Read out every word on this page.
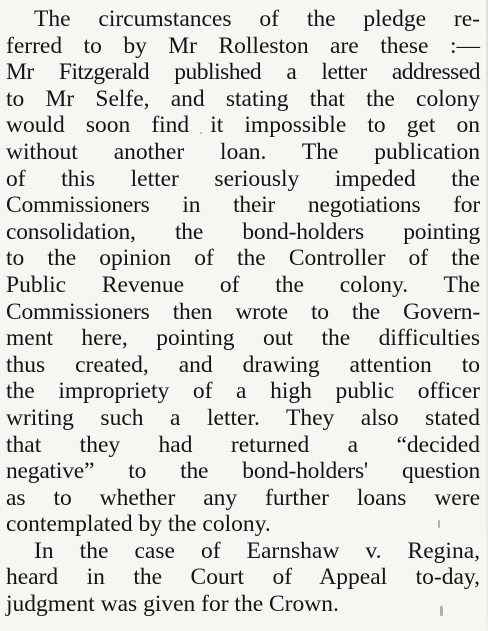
The circumstances of the pledge re-
ferred to by Mr Rolleston are these :—
Mr Fitzgerald published a letter addressed
to Mr Selfe, and stating that the colony
would soon find it impossible to get on
without another loan. The publication
of this letter seriously impeded the
Commissioners in their negotiations for
consolidation, the bond-holders pointing
to the opinion of the Controller of the
Public Revenue of the colony. The
Commissioners then wrote to the Govern-
ment here, pointing out the difficulties
thus created, and drawing attention to
the impropriety of a high public officer
writing such a letter. They also stated
that they had returned a “decided
negative” to the bond-holders' question
as to whether any further loans were
contemplated by the colony.

In the case of Earnshaw v. Regina,
heard in the Court of Appeal to-day,
judgment was given for the Crown.
